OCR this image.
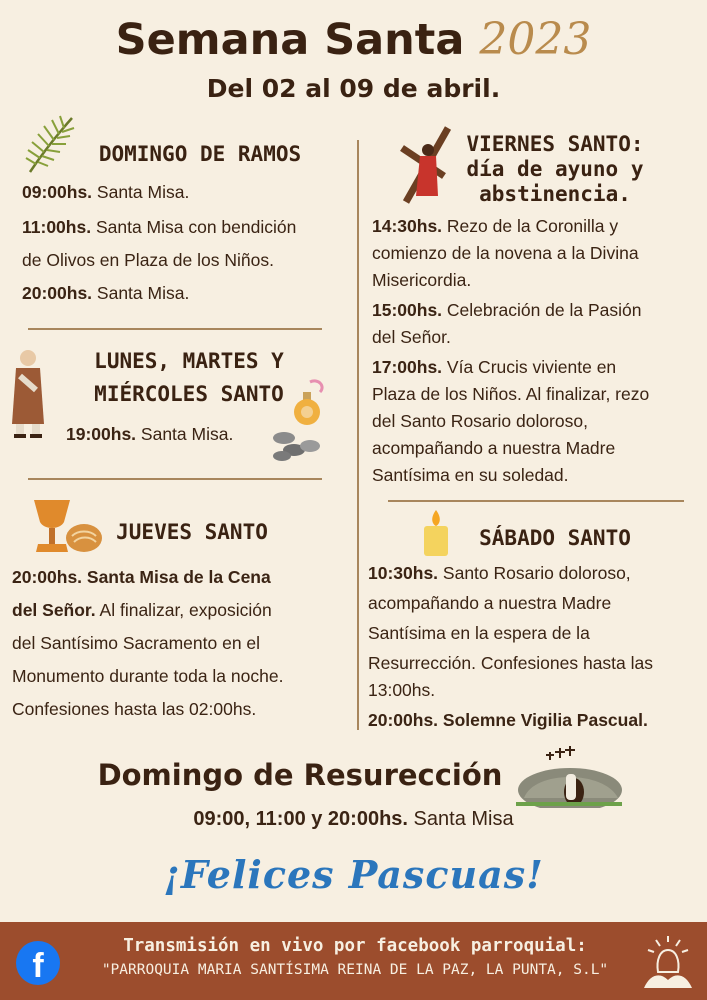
Semana Santa 2023
Del 02 al 09 de abril.
DOMINGO DE RAMOS
09:00hs. Santa Misa.
11:00hs. Santa Misa con bendición
de Olivos en Plaza de los Niños.
20:00hs. Santa Misa.
LUNES, MARTES Y
MIÉRCOLES SANTO
19:00hs. Santa Misa.
JUEVES SANTO
20:00hs. Santa Misa de la Cena
del Señor. Al finalizar, exposición
del Santísimo Sacramento en el
Monumento durante toda la noche.
Confesiones hasta las 02:00hs.
VIERNES SANTO:
día de ayuno y
abstinencia.
14:30hs. Rezo de la Coronilla y
comienzo de la novena a la Divina
Misericordia.
15:00hs. Celebración de la Pasión
del Señor.
17:00hs. Vía Crucis viviente en
Plaza de los Niños. Al finalizar, rezo
del Santo Rosario doloroso,
acompañando a nuestra Madre
Santísima en su soledad.
SÁBADO SANTO
10:30hs. Santo Rosario doloroso,
acompañando a nuestra Madre
Santísima en la espera de la
Resurrección. Confesiones hasta las
13:00hs.
20:00hs. Solemne Vigilia Pascual.
Domingo de Resurección
09:00, 11:00 y 20:00hs. Santa Misa
¡Felices Pascuas!
f
Transmisión en vivo por facebook parroquial:
"PARROQUIA MARIA SANTÍSIMA REINA DE LA PAZ, LA PUNTA, S.L"
